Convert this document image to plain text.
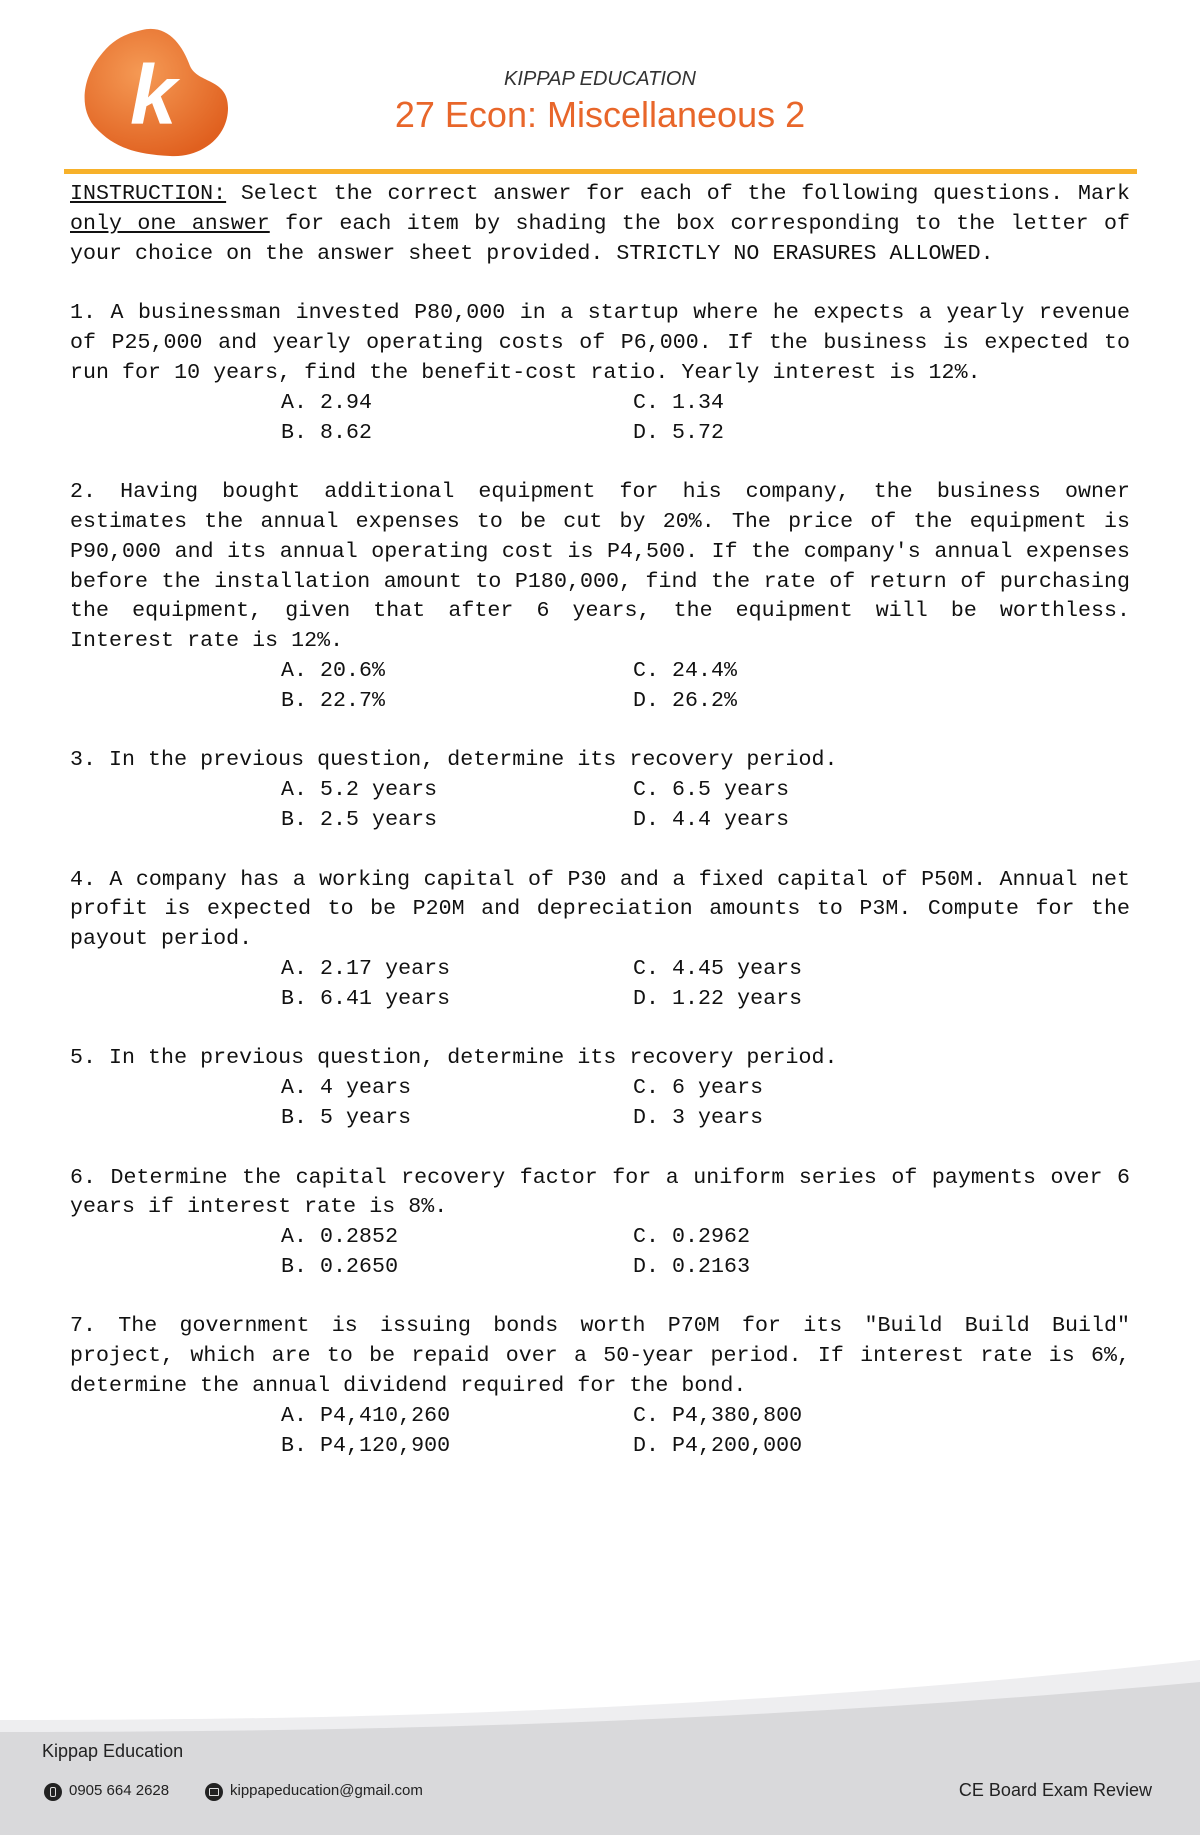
k	KIPPAP EDUCATION
27 Econ: Miscellaneous 2

INSTRUCTION: Select the correct answer for each of the following questions. Mark only one answer for each item by shading the box corresponding to the letter of your choice on the answer sheet provided. STRICTLY NO ERASURES ALLOWED.

1. A businessman invested P80,000 in a startup where he expects a yearly revenue of P25,000 and yearly operating costs of P6,000. If the business is expected to run for 10 years, find the benefit-cost ratio. Yearly interest is 12%.

A. 2.94	C. 1.34
B. 8.62	D. 5.72

2. Having bought additional equipment for his company, the business owner estimates the annual expenses to be cut by 20%. The price of the equipment is P90,000 and its annual operating cost is P4,500. If the company's annual expenses before the installation amount to P180,000, find the rate of return of purchasing the equipment, given that after 6 years, the equipment will be worthless. Interest rate is 12%.

A. 20.6%	C. 24.4%
B. 22.7%	D. 26.2%

3. In the previous question, determine its recovery period.

A. 5.2 years	C. 6.5 years
B. 2.5 years	D. 4.4 years

4. A company has a working capital of P30 and a fixed capital of P50M. Annual net profit is expected to be P20M and depreciation amounts to P3M. Compute for the payout period.

A. 2.17 years	C. 4.45 years
B. 6.41 years	D. 1.22 years

5. In the previous question, determine its recovery period.

A. 4 years	C. 6 years
B. 5 years	D. 3 years

6. Determine the capital recovery factor for a uniform series of payments over 6 years if interest rate is 8%.

A. 0.2852	C. 0.2962
B. 0.2650	D. 0.2163

7. The government is issuing bonds worth P70M for its "Build Build Build" project, which are to be repaid over a 50-year period. If interest rate is 6%, determine the annual dividend required for the bond.

A. P4,410,260	C. P4,380,800
B. P4,120,900	D. P4,200,000
Kippap Education
0905 664 2628	kippapeducation@gmail.com	CE Board Exam Review
